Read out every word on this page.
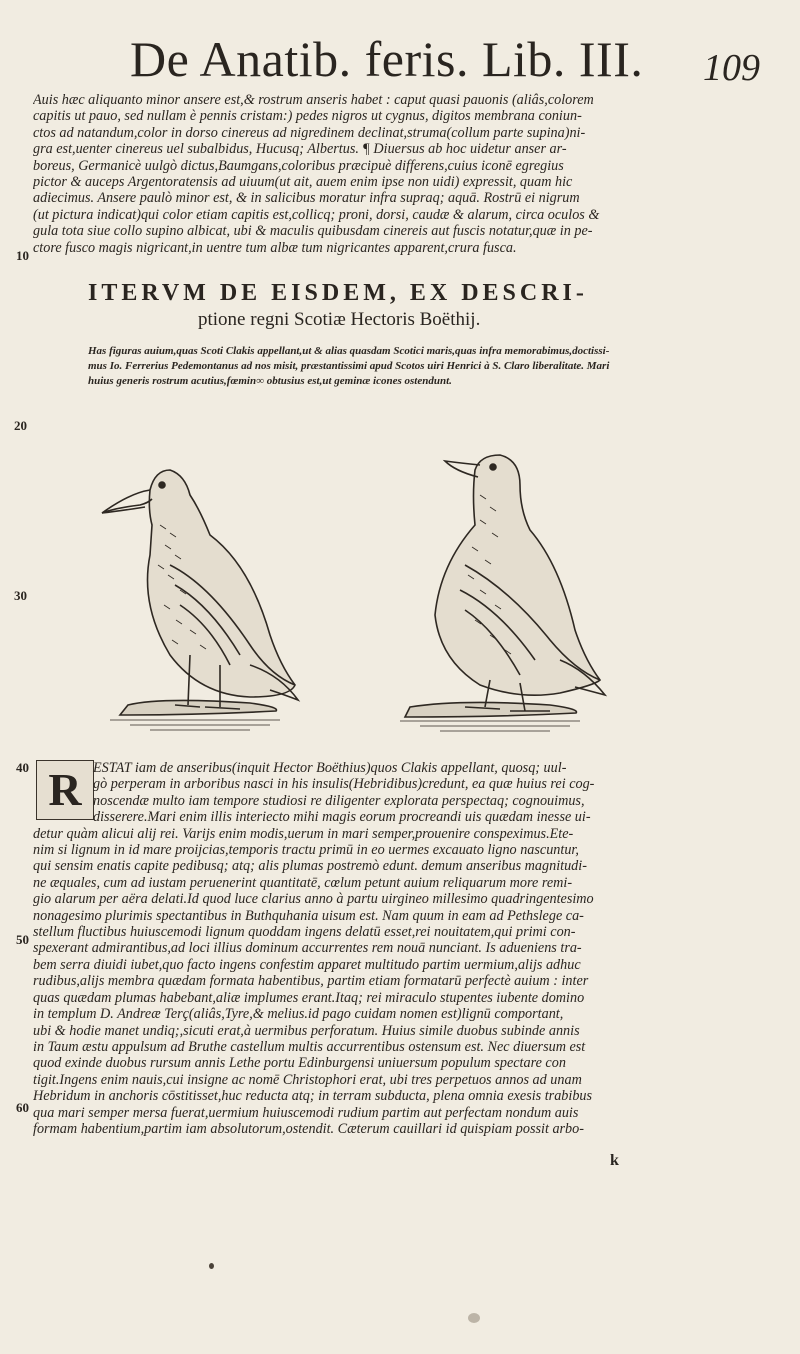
De Anatib. feris. Lib. III. 109
10
20
30
40
50
60
Auis hæc aliquanto minor ansere est,& rostrum anseris habet : caput quasi pauonis (aliâs,colorem
capitis ut pauo, sed nullam è pennis cristam:) pedes nigros ut cygnus, digitos membrana coniun-
ctos ad natandum,color in dorso cinereus ad nigredinem declinat,struma(collum parte supina)ni-
gra est,uenter cinereus uel subalbidus, Hucusq; Albertus. ¶ Diuersus ab hoc uidetur anser ar-
boreus, Germanicè uulgò dictus,Baumgans,coloribus præcipuè differens,cuius iconē egregius
pictor & auceps Argentoratensis ad uiuum(ut ait, auem enim ipse non uidi) expressit, quam hic
adiecimus. Ansere paulò minor est, & in salicibus moratur infra supraq; aquā. Rostrū ei nigrum
(ut pictura indicat)qui color etiam capitis est,collicq; proni, dorsi, caudæ & alarum, circa oculos &
gula tota siue collo supino albicat, ubi & maculis quibusdam cinereis aut fuscis notatur,quæ in pe-
ctore fusco magis nigricant,in uentre tum albæ tum nigricantes apparent,crura fusca.
ITERVM DE EISDEM, EX DESCRI-
ptione regni Scotiæ Hectoris Boëthij.
Has figuras auium,quas Scoti Clakis appellant,ut & alias quasdam Scotici maris,quas infra memorabimus,doctissi-
mus Io. Ferrerius Pedemontanus ad nos misit, præstantissimi apud Scotos uiri Henrici à S. Claro liberalitate. Mari
huius generis rostrum acutius,fœmin∞ obtusius est,ut geminæ icones ostendunt.
R ESTAT iam de anseribus(inquit Hector Boëthius)quos Clakis appellant, quosq; uul-
gò perperam in arboribus nasci in his insulis(Hebridibus)credunt, ea quæ huius rei cog-
noscendæ multo iam tempore studiosi re diligenter explorata perspectaq; cognouimus,
disserere.Mari enim illis interiecto mihi magis eorum procreandi uis quædam inesse ui-
detur quàm alicui alij rei. Varijs enim modis,uerum in mari semper,prouenire conspeximus.Ete-
nim si lignum in id mare proijcias,temporis tractu primū in eo uermes excauato ligno nascuntur,
qui sensim enatis capite pedibusq; atq; alis plumas postremò edunt. demum anseribus magnitudi-
ne æquales, cum ad iustam peruenerint quantitatē, cœlum petunt auium reliquarum more remi-
gio alarum per aëra delati.Id quod luce clarius anno à partu uirgineo millesimo quadringentesimo
nonagesimo plurimis spectantibus in Buthquhania uisum est. Nam quum in eam ad Pethslege ca-
stellum fluctibus huiuscemodi lignum quoddam ingens delatū esset,rei nouitatem,qui primi con-
spexerant admirantibus,ad loci illius dominum accurrentes rem nouā nunciant. Is adueniens tra-
bem serra diuidi iubet,quo facto ingens confestim apparet multitudo partim uermium,alijs adhuc
rudibus,alijs membra quædam formata habentibus, partim etiam formatarū perfectè auium : inter
quas quædam plumas habebant,aliæ implumes erant.Itaq; rei miraculo stupentes iubente domino
in templum D. Andreæ Terç(aliâs,Tyre,& melius.id pago cuidam nomen est)lignū comportant,
ubi & hodie manet undiq;,sicuti erat,à uermibus perforatum. Huius simile duobus subinde annis
in Taum æstu appulsum ad Bruthe castellum multis accurrentibus ostensum est. Nec diuersum est
quod exinde duobus rursum annis Lethe portu Edinburgensi uniuersum populum spectare con
tigit.Ingens enim nauis,cui insigne ac nomē Christophori erat, ubi tres perpetuos annos ad unam
Hebridum in anchoris cōstitisset,huc reducta atq; in terram subducta, plena omnia exesis trabibus
qua mari semper mersa fuerat,uermium huiuscemodi rudium partim aut perfectam nondum auis
formam habentium,partim iam absolutorum,ostendit. Cæterum cauillari id quispiam possit arbo-
k
